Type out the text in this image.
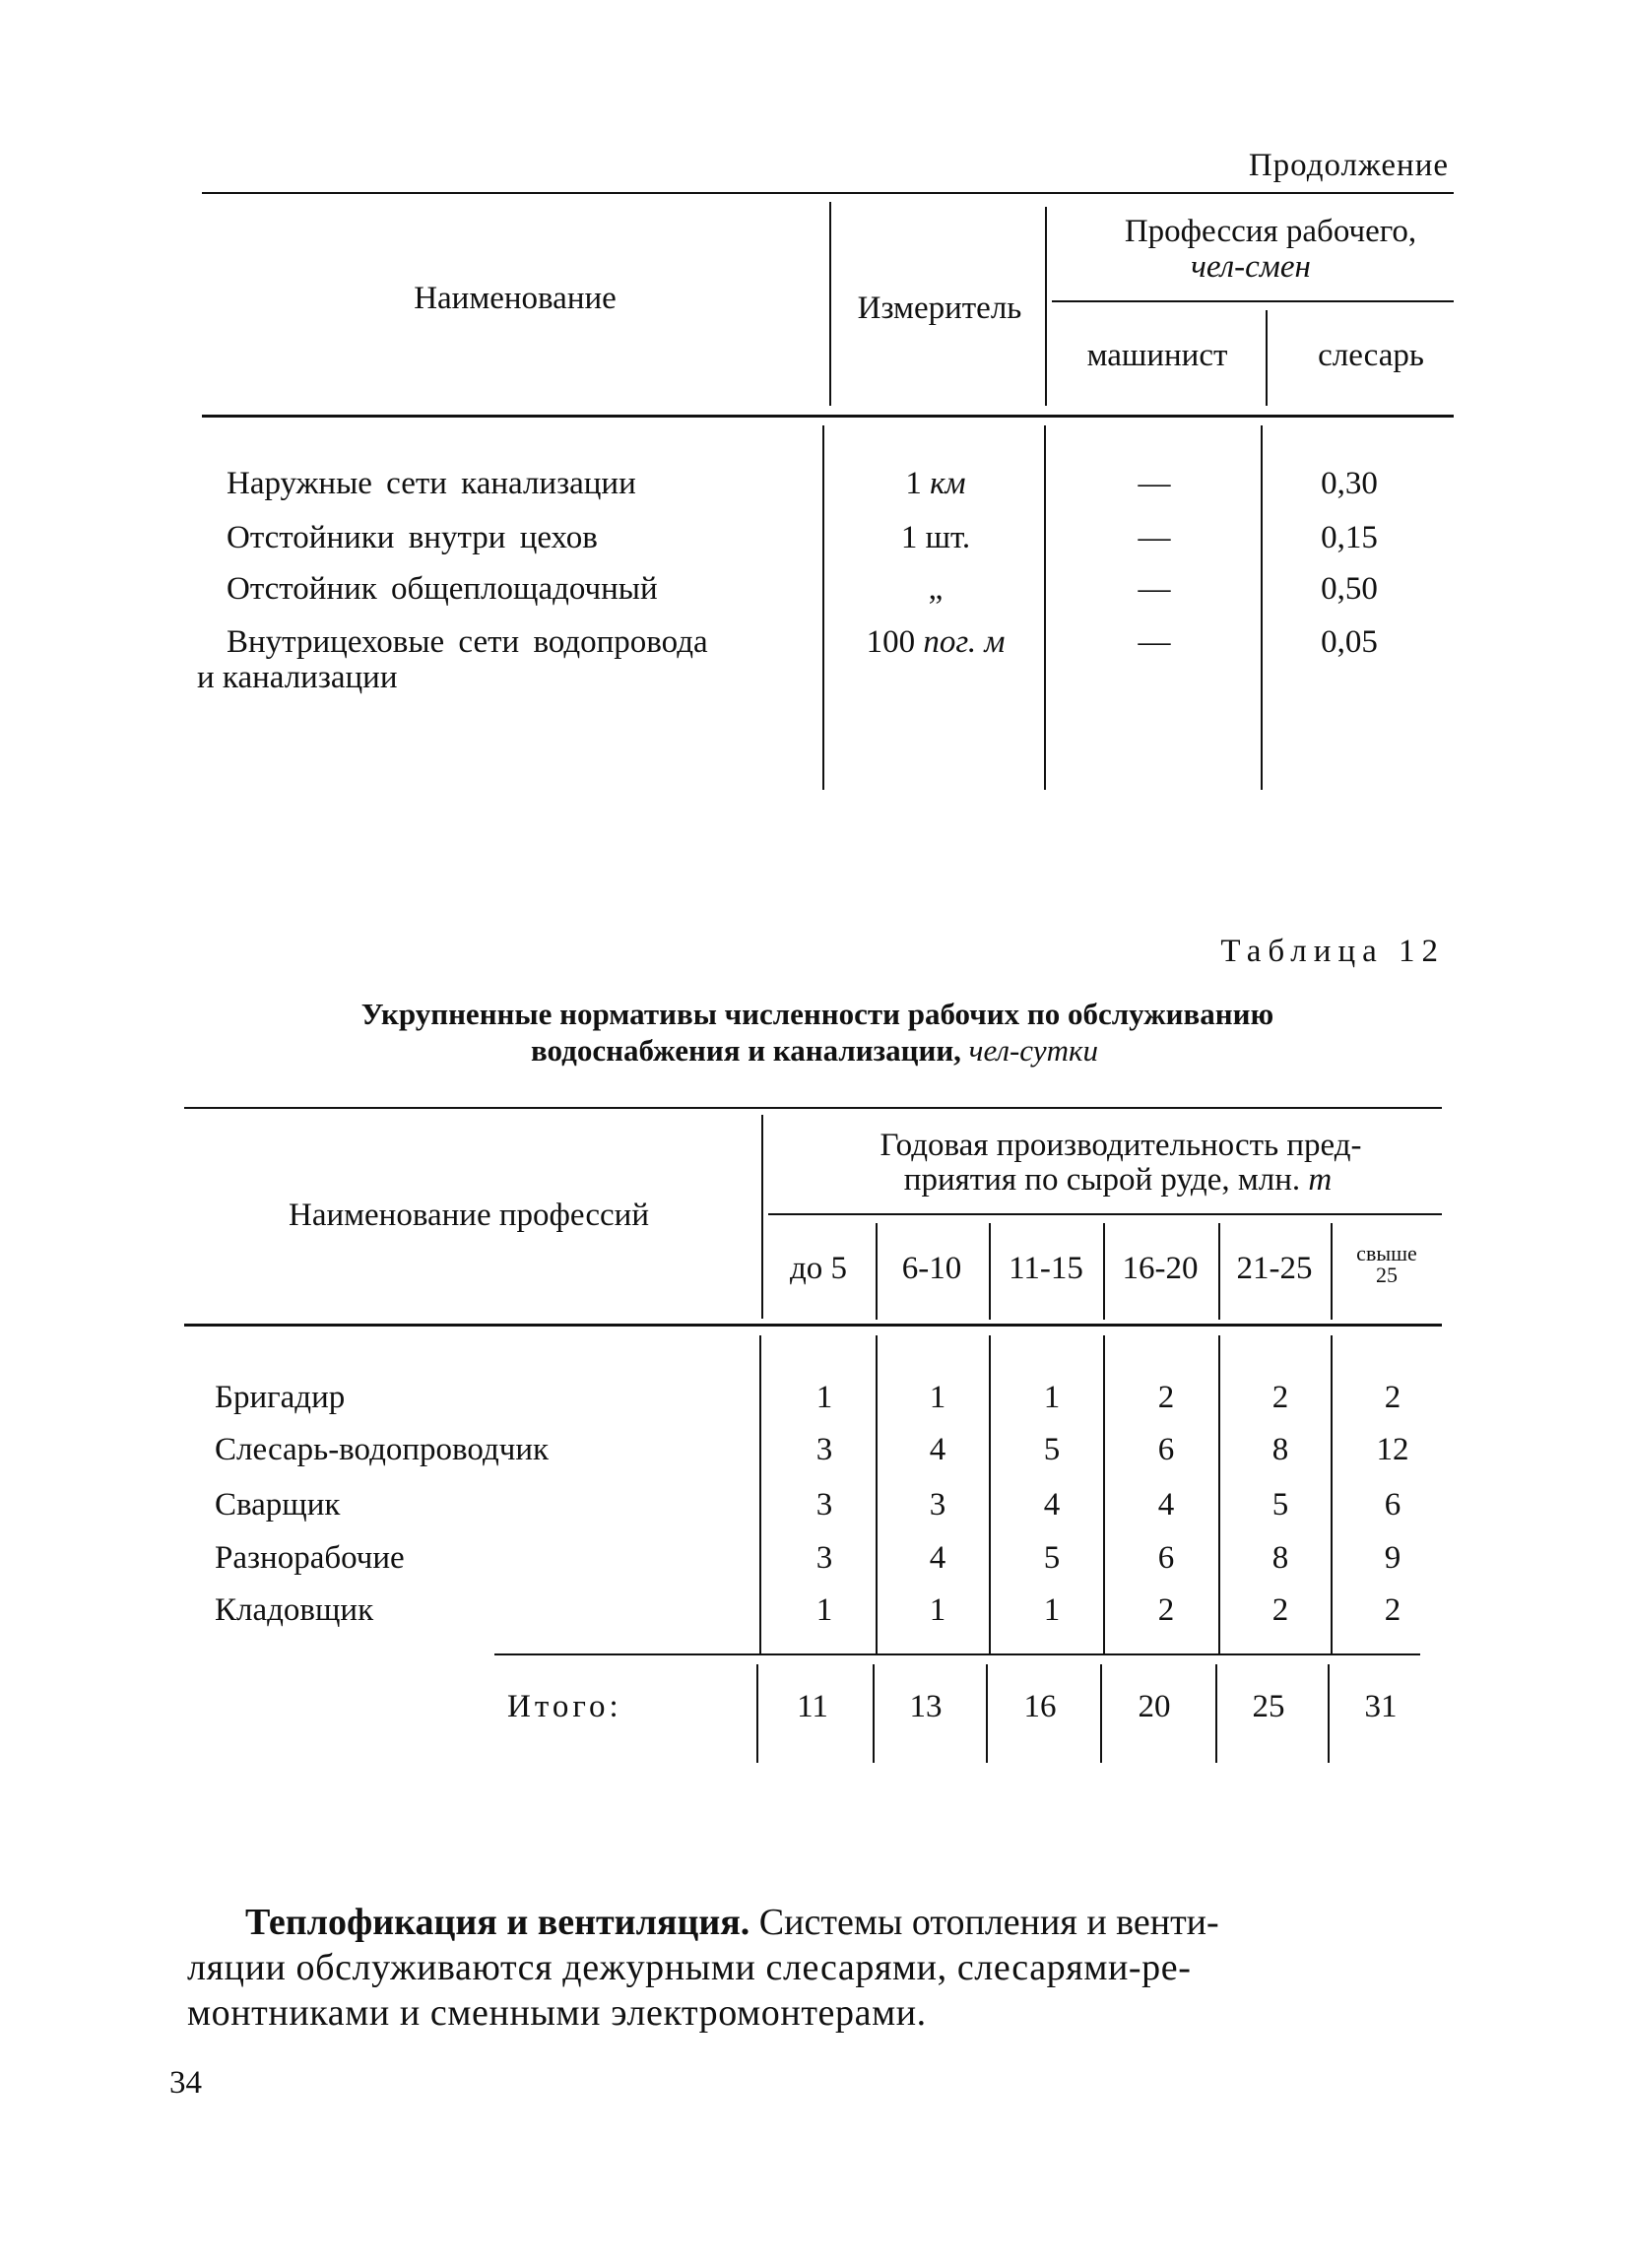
Продолжение
Наименование	Измеритель
Профессия рабочего,
чел-смен
машинист	слесарь
Наружные сети канализации	1 км	—	0,30
Отстойники внутри цехов	1 шт.	—	0,15
Отстойник общеплощадочный	„	—	0,50
Внутрицеховые сети водопровода
и канализации
100 пог. м	—	0,05
Таблица 12
Укрупненные нормативы численности рабочих по обслуживанию
водоснабжения и канализации, чел-сутки
Наименование профессий
Годовая производительность пред-
приятия по сырой руде, млн. т
до 5 6-10 11-15 16-20 21-25 свыше
25
Бригадир	1	1	1	2	2	2
Слесарь-водопроводчик	3	4	5	6	8	12
Сварщик	3	3	4	4	5	6
Разнорабочие	3	4	5	6	8	9
Кладовщик	1	1	1	2	2	2
Итого:	11	13	16	20	25 31
Теплофикация и вентиляция. Системы отопления и венти-
ляции обслуживаются дежурными слесарями, слесарями-ре-
монтниками и сменными электромонтерами.
34
